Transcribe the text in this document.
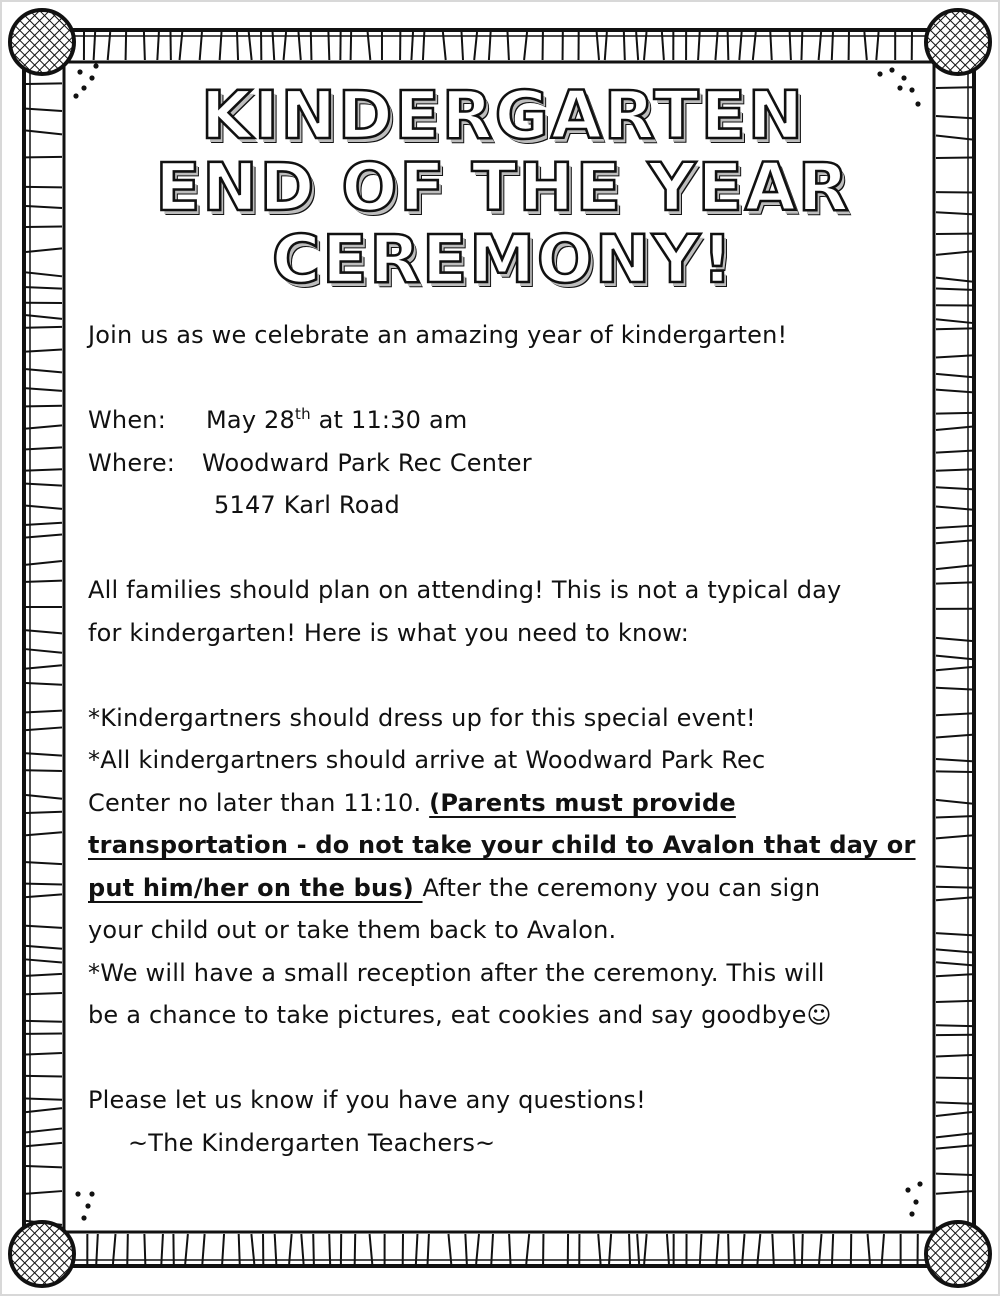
KINDERGARTEN
END OF THE YEAR
CEREMONY!

Join us as we celebrate an amazing year of kindergarten!

When: May 28th at 11:30 am

Where: Woodward Park Rec Center

5147 Karl Road

All families should plan on attending! This is not a typical day

for kindergarten! Here is what you need to know:

*Kindergartners should dress up for this special event!

*All kindergartners should arrive at Woodward Park Rec

Center no later than 11:10. (Parents must provide

transportation - do not take your child to Avalon that day or

put him/her on the bus) After the ceremony you can sign

your child out or take them back to Avalon.

*We will have a small reception after the ceremony. This will

be a chance to take pictures, eat cookies and say goodbye☺

Please let us know if you have any questions!

~The Kindergarten Teachers~
